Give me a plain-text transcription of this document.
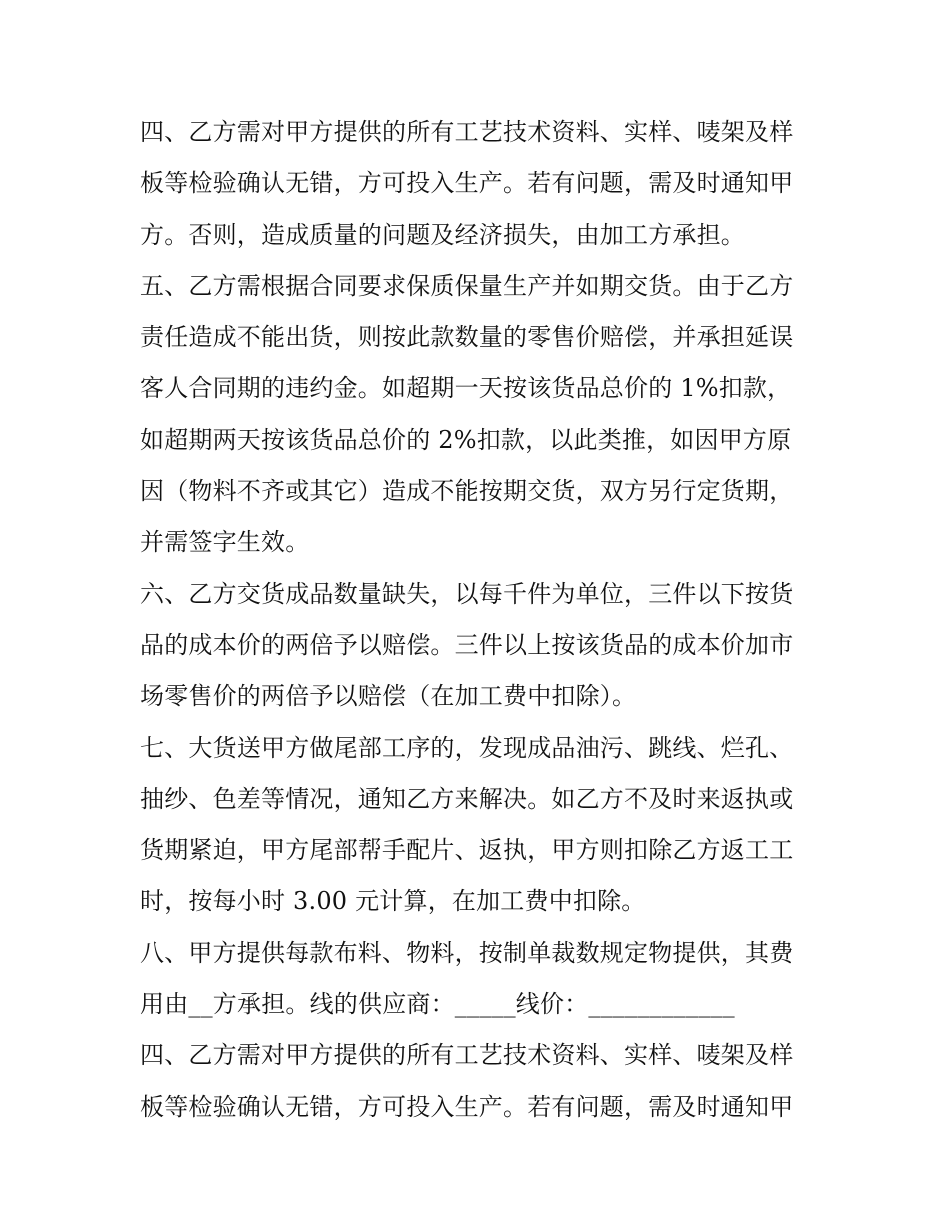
四、乙方需对甲方提供的所有工艺技术资料、实样、唛架及样
板等检验确认无错，方可投入生产。若有问题，需及时通知甲
方。否则，造成质量的问题及经济损失，由加工方承担。
五、乙方需根据合同要求保质保量生产并如期交货。由于乙方
责任造成不能出货，则按此款数量的零售价赔偿，并承担延误
客人合同期的违约金。如超期一天按该货品总价的 1%扣款，
如超期两天按该货品总价的 2%扣款，以此类推，如因甲方原
因（物料不齐或其它）造成不能按期交货，双方另行定货期，
并需签字生效。
六、乙方交货成品数量缺失，以每千件为单位，三件以下按货
品的成本价的两倍予以赔偿。三件以上按该货品的成本价加市
场零售价的两倍予以赔偿（在加工费中扣除）。
七、大货送甲方做尾部工序的，发现成品油污、跳线、烂孔、
抽纱、色差等情况，通知乙方来解决。如乙方不及时来返执或
货期紧迫，甲方尾部帮手配片、返执，甲方则扣除乙方返工工
时，按每小时 3.00 元计算，在加工费中扣除。
八、甲方提供每款布料、物料，按制单裁数规定物提供，其费
用由__方承担。线的供应商：_____线价：____________
四、乙方需对甲方提供的所有工艺技术资料、实样、唛架及样
板等检验确认无错，方可投入生产。若有问题，需及时通知甲
